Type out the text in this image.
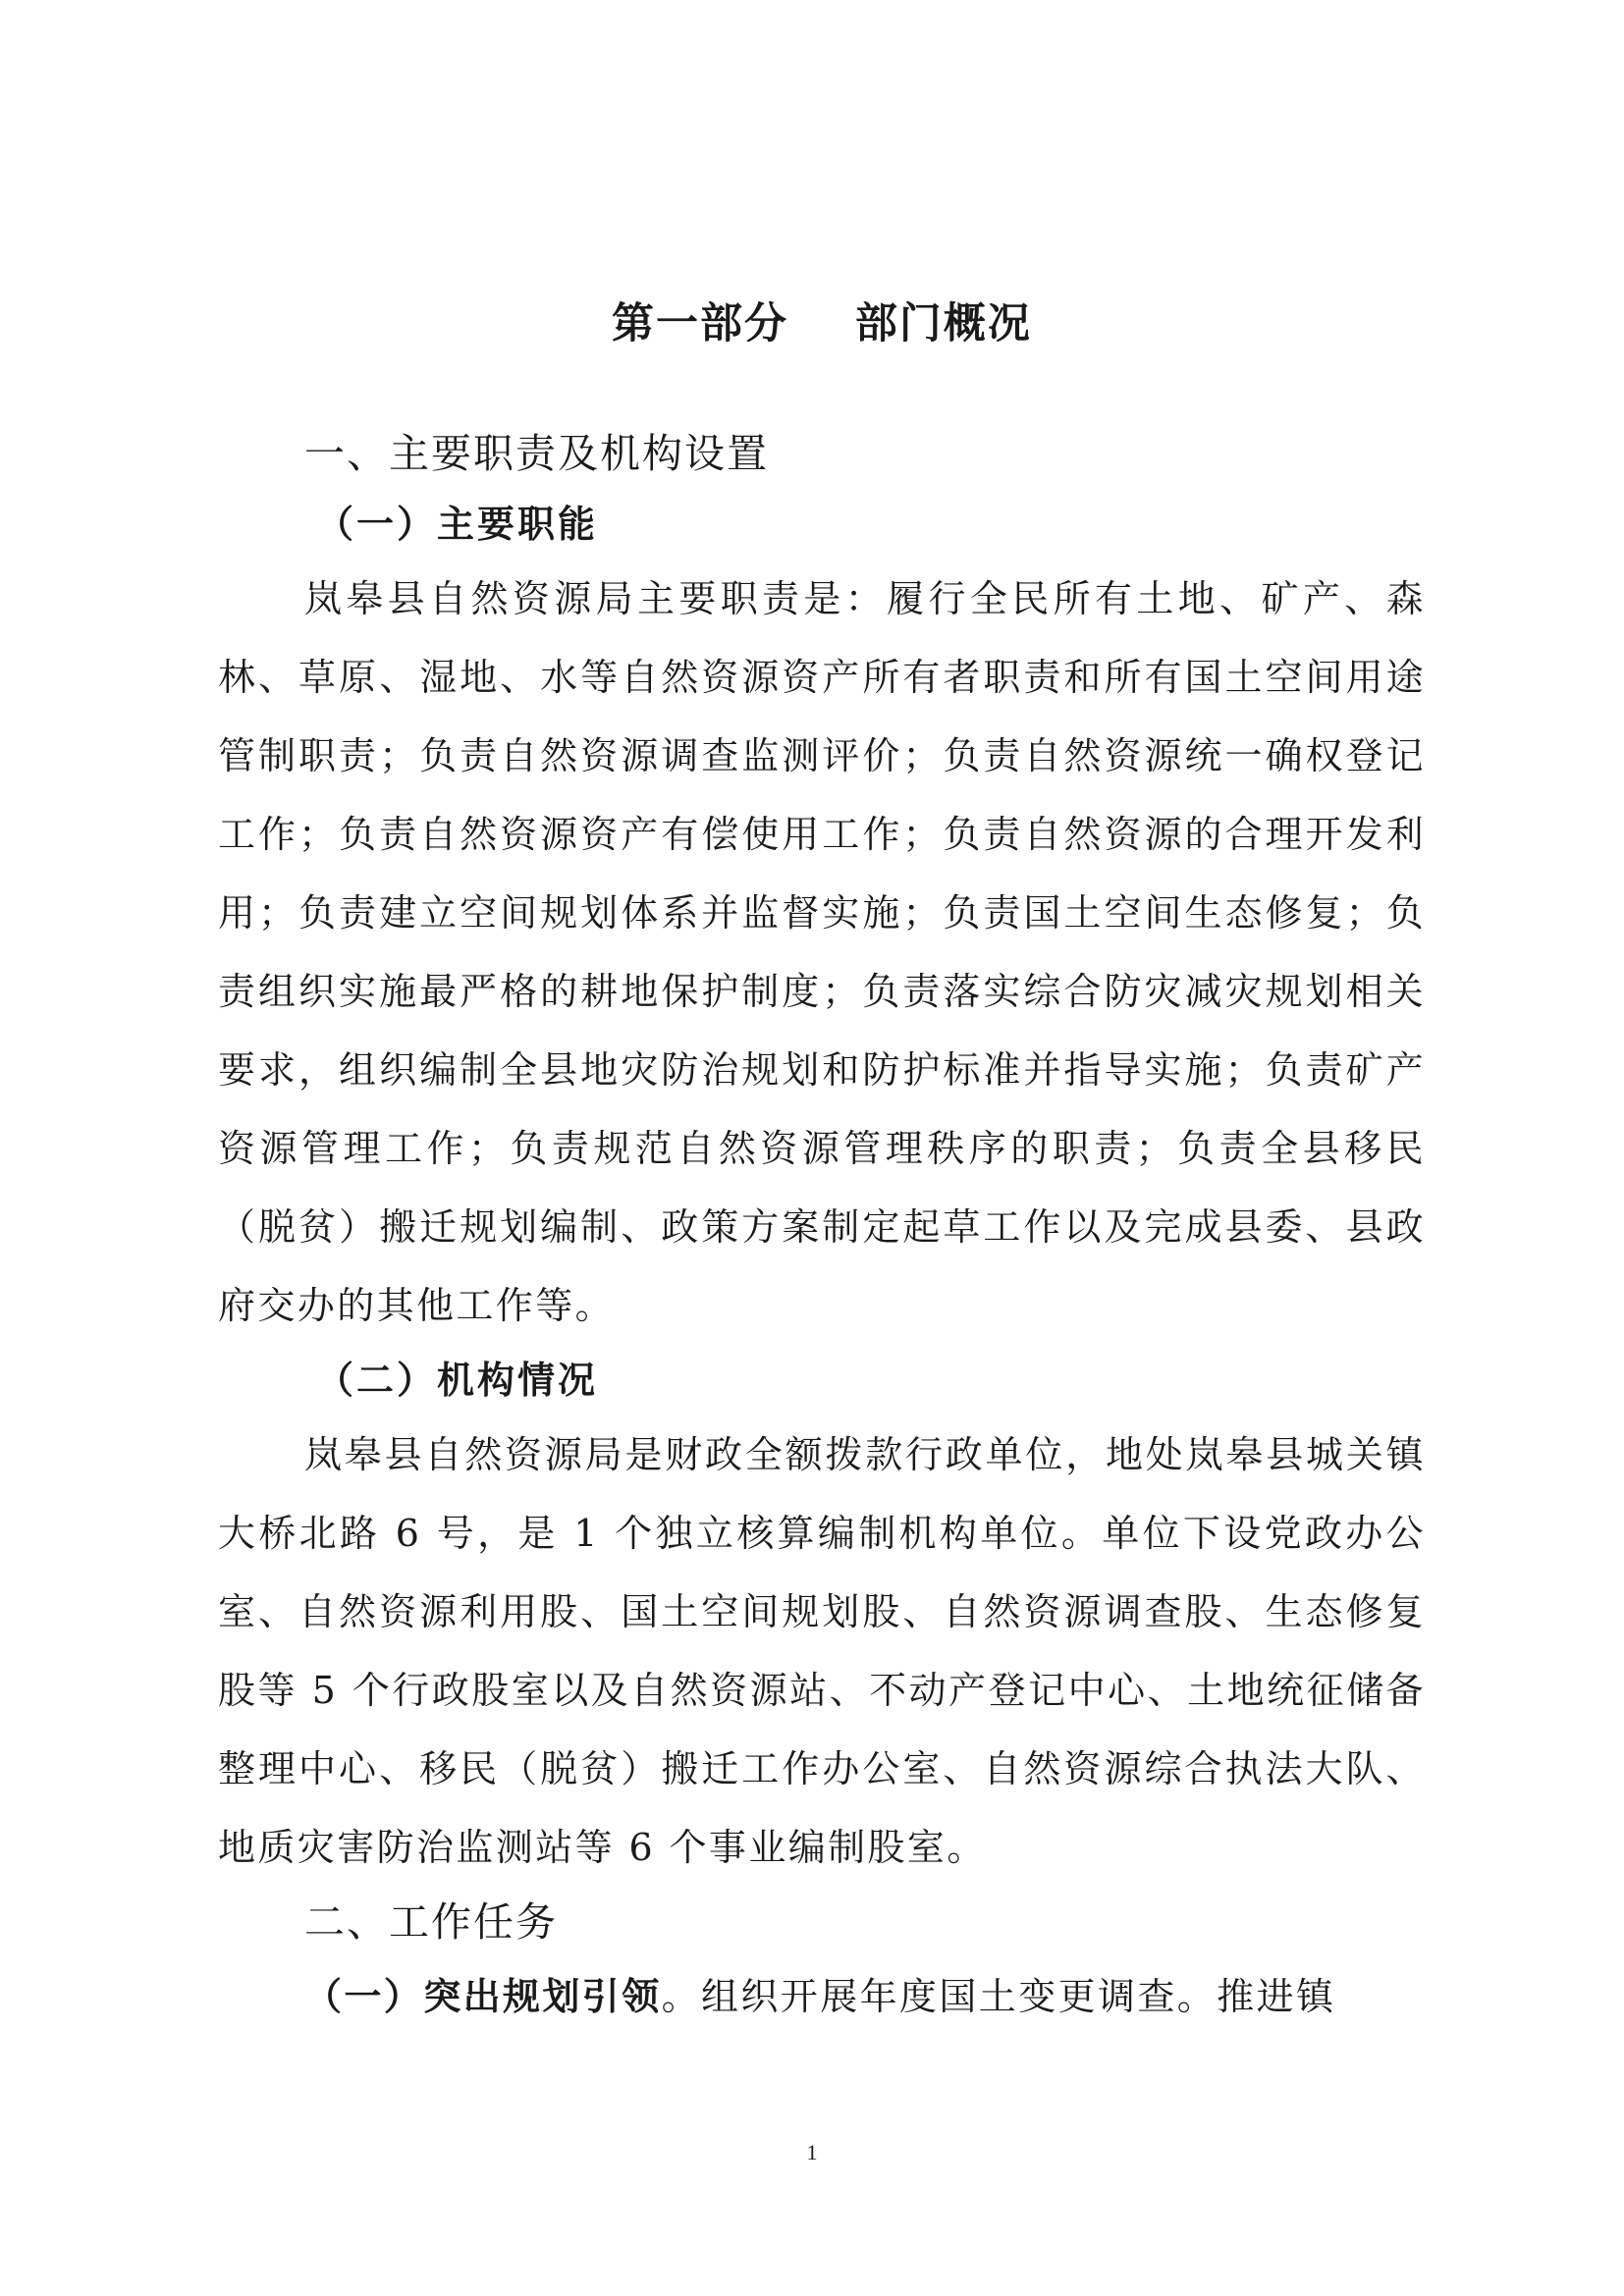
第一部分    部门概况
一、主要职责及机构设置
（一）主要职能

岚皋县自然资源局主要职责是：履行全民所有土地、矿产、森林、草原、湿地、水等自然资源资产所有者职责和所有国土空间用途管制职责；负责自然资源调查监测评价；负责自然资源统一确权登记工作；负责自然资源资产有偿使用工作；负责自然资源的合理开发利用；负责建立空间规划体系并监督实施；负责国土空间生态修复；负责组织实施最严格的耕地保护制度；负责落实综合防灾减灾规划相关要求，组织编制全县地灾防治规划和防护标准并指导实施；负责矿产资源管理工作；负责规范自然资源管理秩序的职责；负责全县移民（脱贫）搬迁规划编制、政策方案制定起草工作以及完成县委、县政府交办的其他工作等。

（二）机构情况

岚皋县自然资源局是财政全额拨款行政单位，地处岚皋县城关镇大桥北路 6 号，是 1 个独立核算编制机构单位。单位下设党政办公室、自然资源利用股、国土空间规划股、自然资源调查股、生态修复股等 5 个行政股室以及自然资源站、不动产登记中心、土地统征储备整理中心、移民（脱贫）搬迁工作办公室、自然资源综合执法大队、地质灾害防治监测站等 6 个事业编制股室。

二、工作任务

（一）突出规划引领。组织开展年度国土变更调查。推进镇

1
